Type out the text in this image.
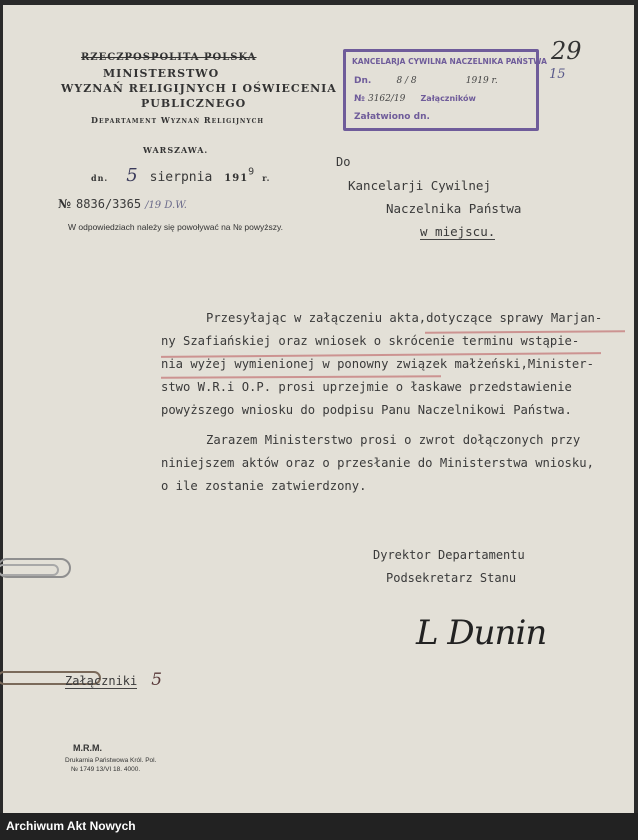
RZECZPOSPOLITA POLSKA
MINISTERSTWO
WYZNAŃ RELIGIJNYCH I OŚWIECENIA
PUBLICZNEGO
Departament Wyznań Religijnych
WARSZAWA.
dn. 5 sierpnia $191^9$ r.
№ 8836/3365 /19 D.W.
W odpowiedziach należy się powoływać na № powyższy.
KANCELARJA CYWILNA NACZELNIKA PAŃSTWA
Dn.	8 / 8	1919 r.
№ 3162/19 Załączników
Załatwiono dn.
29
15
Do
Kancelarji Cywilnej
Naczelnika Państwa
w miejscu.
Przesyłając w załączeniu akta,dotyczące sprawy Marjan-
ny Szafiańskiej oraz wniosek o skrócenie terminu wstąpie-
nia wyżej wymienionej w ponowny związek małżeński,Minister-
stwo W.R.i O.P. prosi uprzejmie o łaskawe przedstawienie
powyższego wniosku do podpisu Panu Naczelnikowi Państwa.
Zarazem Ministerstwo prosi o zwrot dołączonych przy
niniejszem aktów oraz o przesłanie do Ministerstwa wniosku,
o ile zostanie zatwierdzony.
Dyrektor Departamentu
Podsekretarz Stanu
L Dunin
Załączniki 5
M.R.M.
Drukarnia Państwowa Król. Pol.
№ 1749 13/VI 18. 4000.
Archiwum Akt Nowych
